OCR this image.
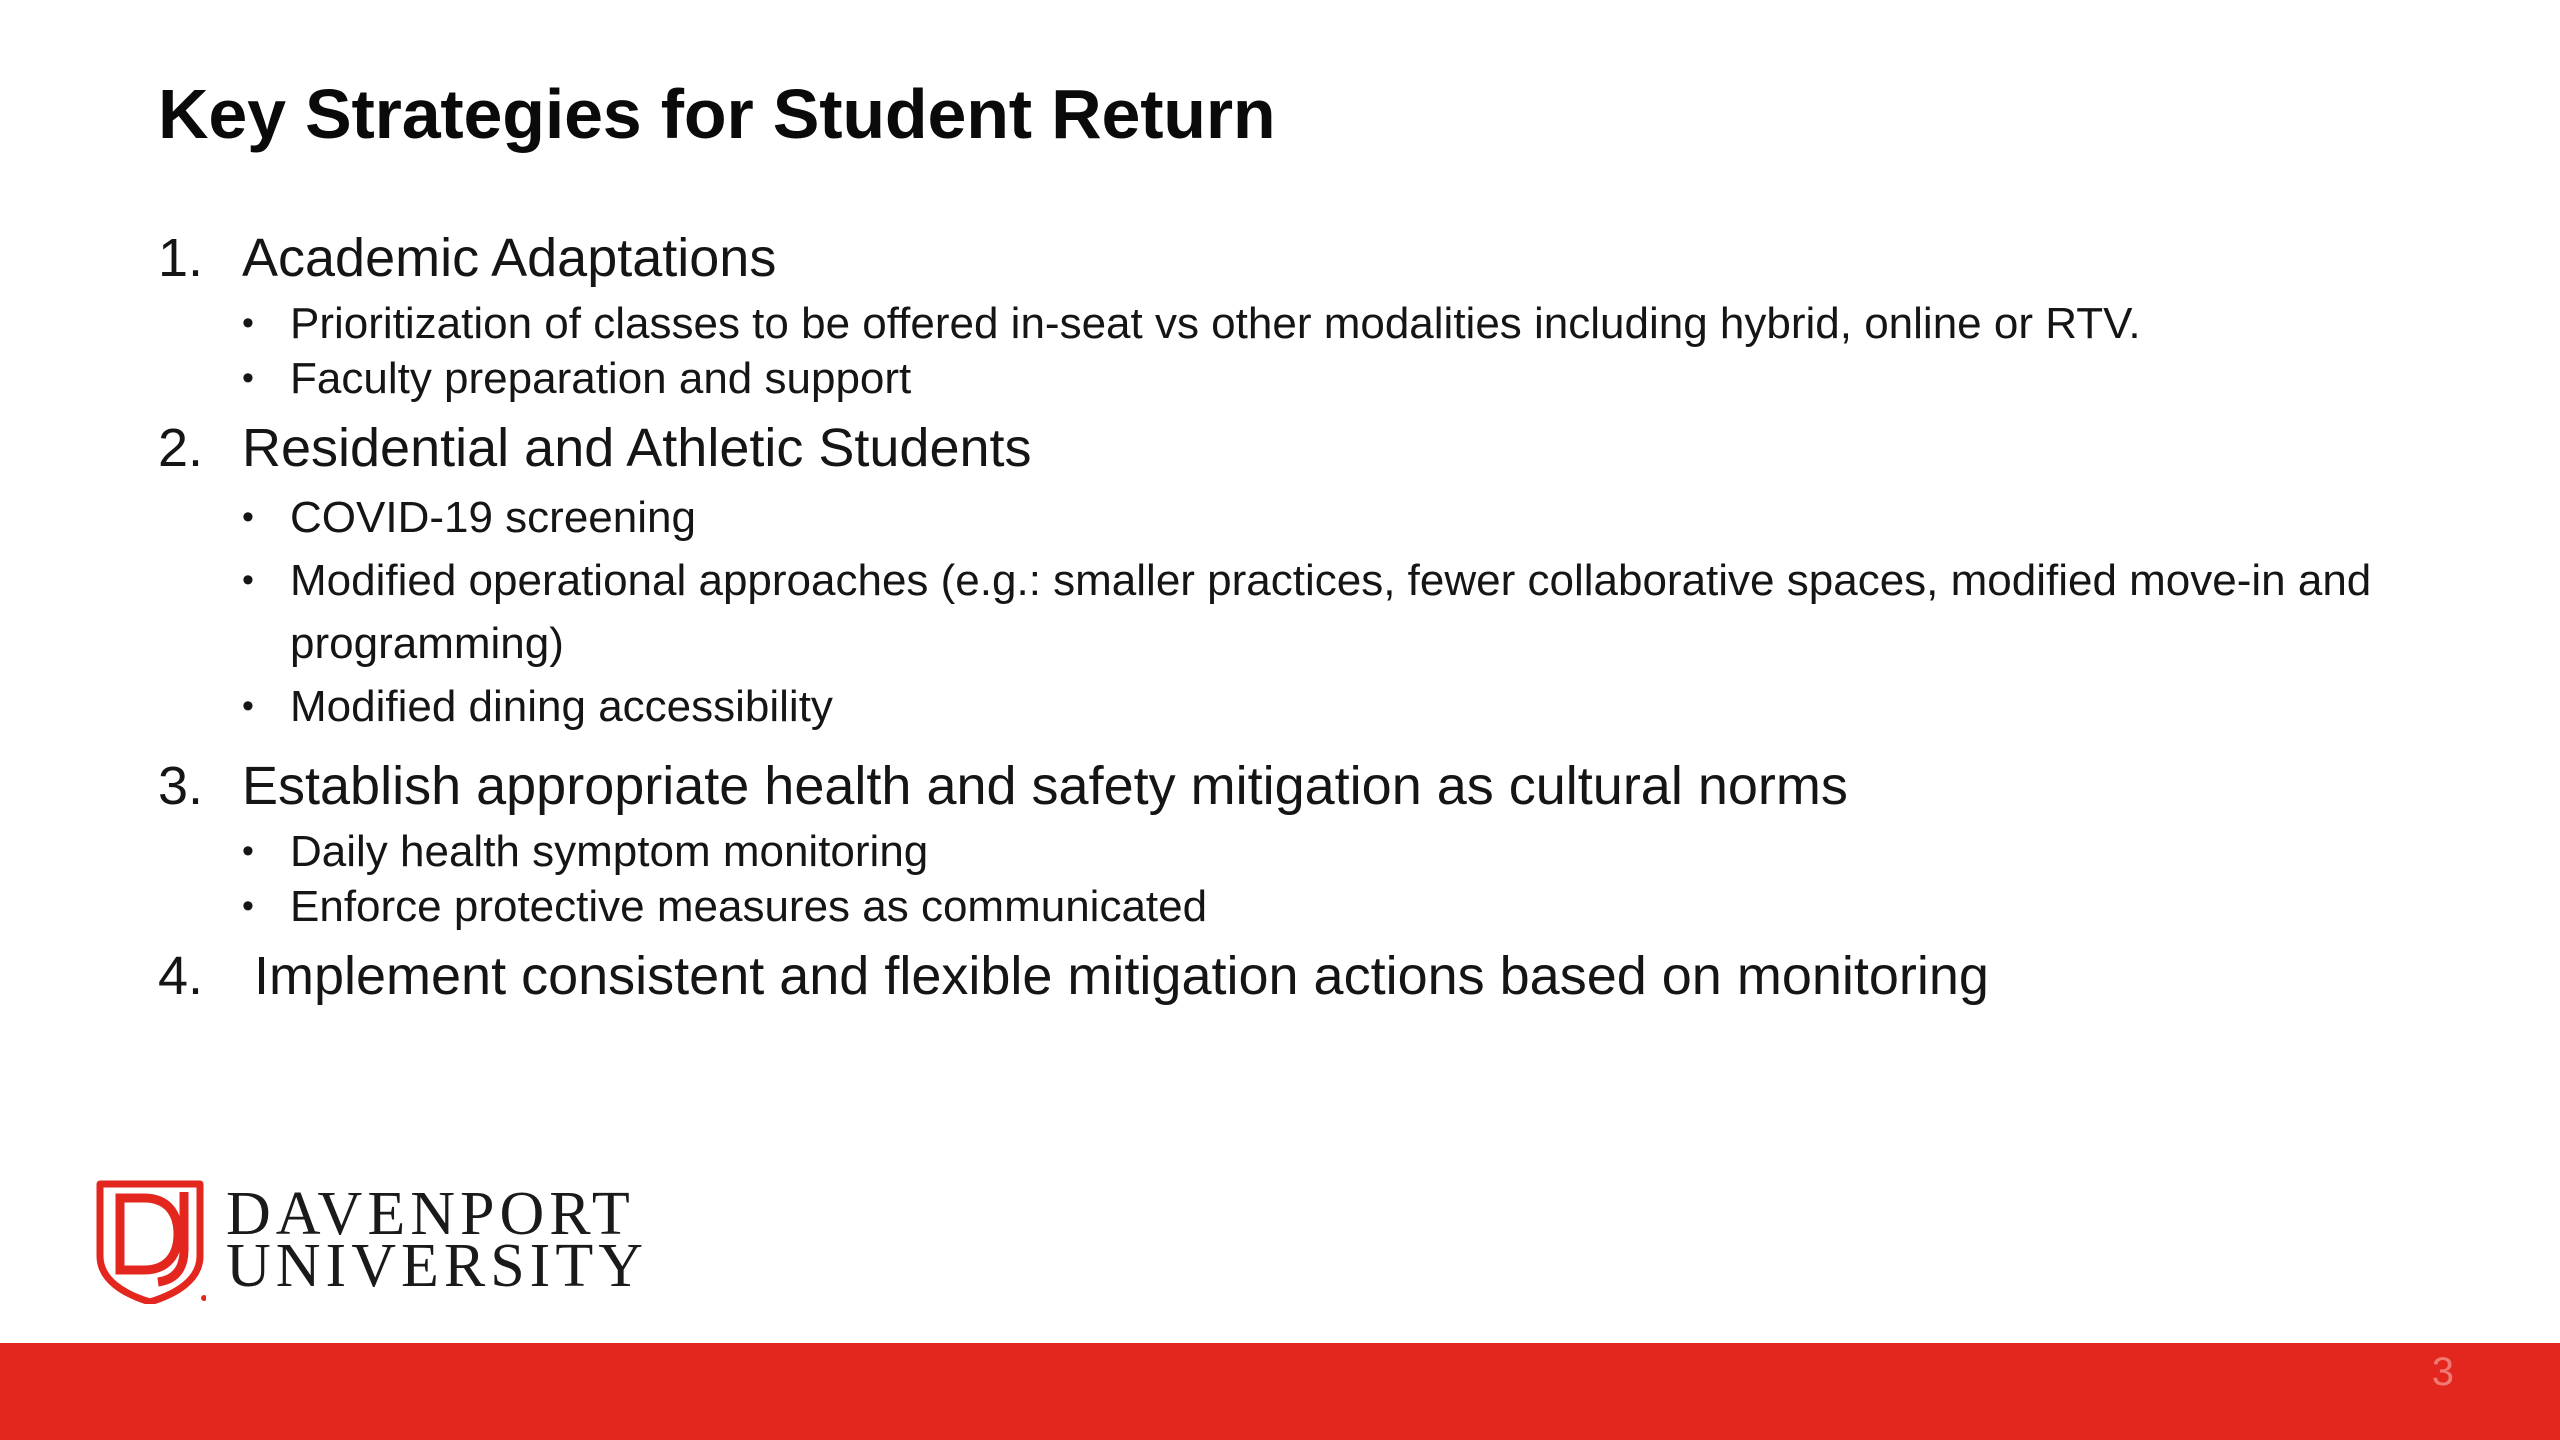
Key Strategies for Student Return
1. Academic Adaptations
• Prioritization of classes to be offered in-seat vs other modalities including hybrid, online or RTV.
• Faculty preparation and support
2. Residential and Athletic Students
• COVID-19 screening
• Modified operational approaches (e.g.: smaller practices, fewer collaborative spaces, modified move-in and programming)
• Modified dining accessibility
3. Establish appropriate health and safety mitigation as cultural norms
• Daily health symptom monitoring
• Enforce protective measures as communicated
4. Implement consistent and flexible mitigation actions based on monitoring
DAVENPORT
UNIVERSITY
3
